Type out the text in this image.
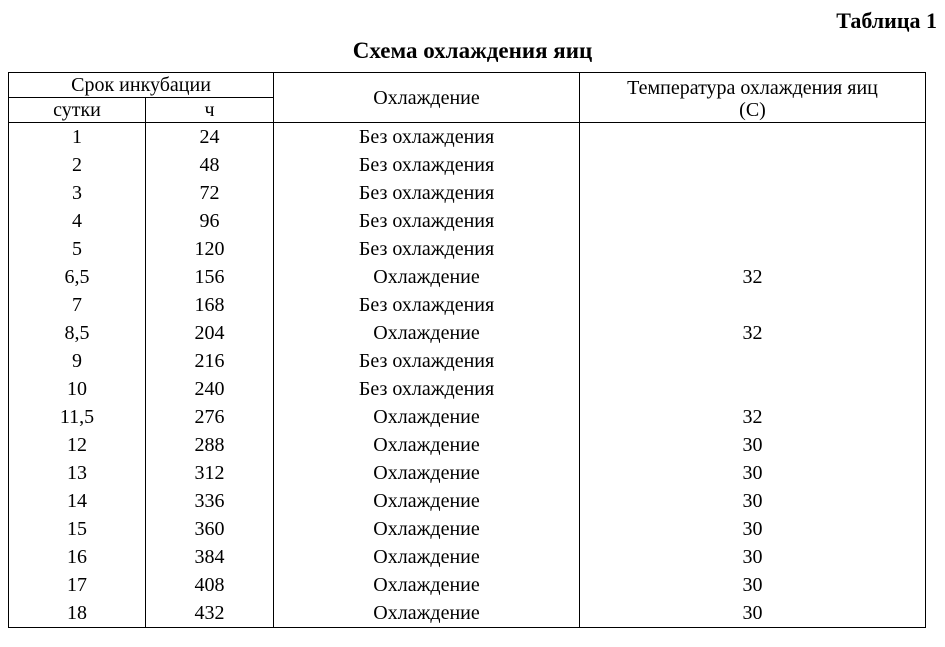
Таблица 1
Схема охлаждения яиц
Срок инкубации		Охлаждение	Температура охлаждения яиц
(С)

сутки	ч		
1	24	Без охлаждения	
2	48	Без охлаждения	
3	72	Без охлаждения	
4	96	Без охлаждения	
5	120	Без охлаждения	
6,5	156	Охлаждение	32
7	168	Без охлаждения	
8,5	204	Охлаждение	32
9	216	Без охлаждения	
10	240	Без охлаждения	
11,5	276	Охлаждение	32
12	288	Охлаждение	30
13	312	Охлаждение	30
14	336	Охлаждение	30
15	360	Охлаждение	30
16	384	Охлаждение	30
17	408	Охлаждение	30
18	432	Охлаждение	30
